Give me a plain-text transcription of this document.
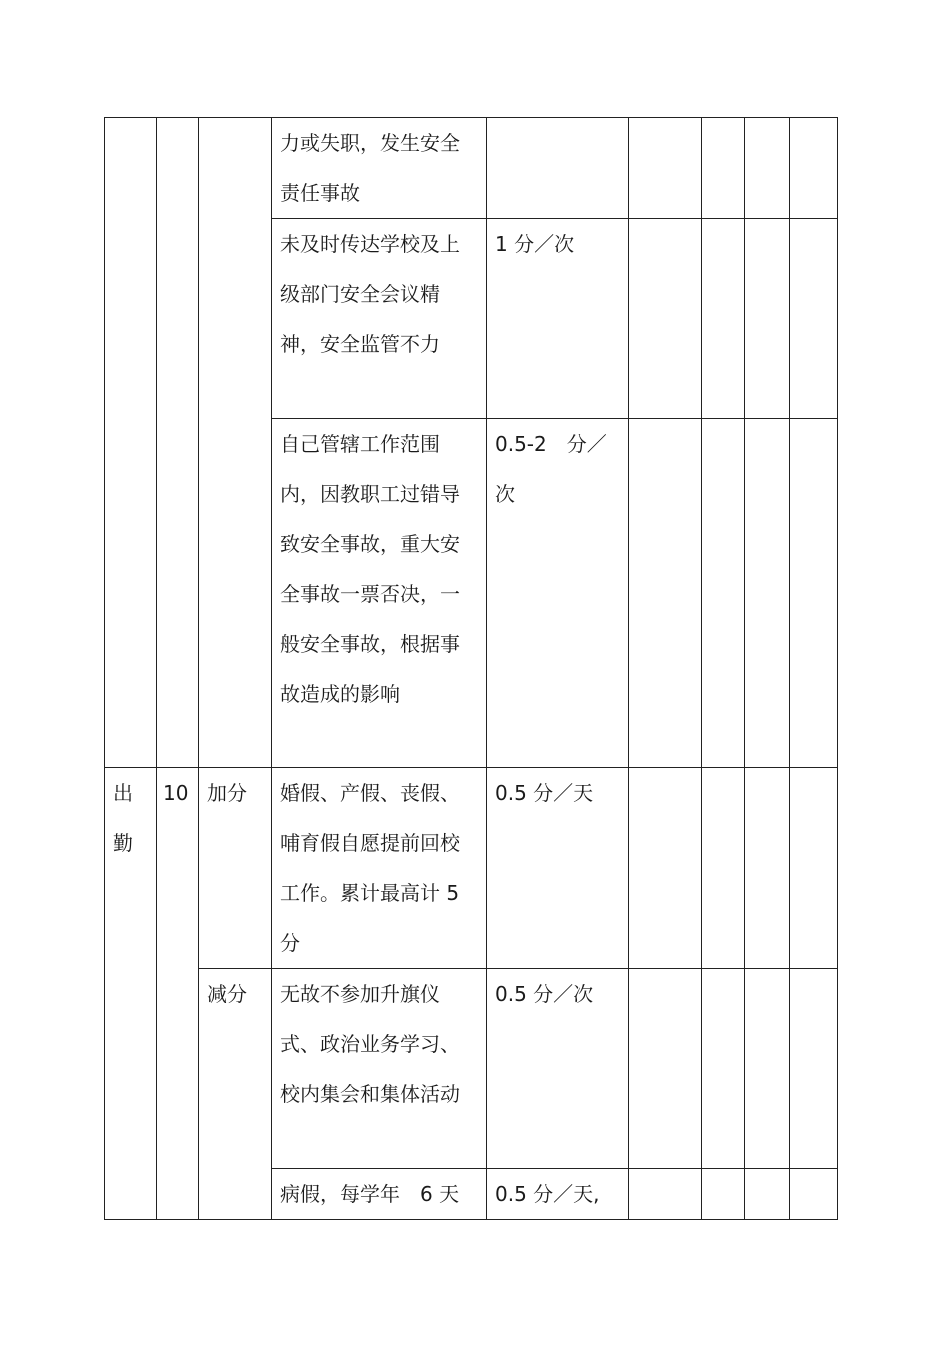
			力或失职，发生安全责任事故					
			未及时传达学校及上级部门安全会议精神，安全监管不力	1 分／次				
			自己管辖工作范围内，因教职工过错导致安全事故，重大安全事故一票否决，一般安全事故，根据事故造成的影响	0.5-2　分／次				
出勤	10	加分	婚假、产假、丧假、哺育假自愿提前回校工作。累计最高计 5 分	0.5 分／天				
		减分	无故不参加升旗仪式、政治业务学习、校内集会和集体活动	0.5 分／次				
			病假，每学年　6 天	0.5 分／天,				
